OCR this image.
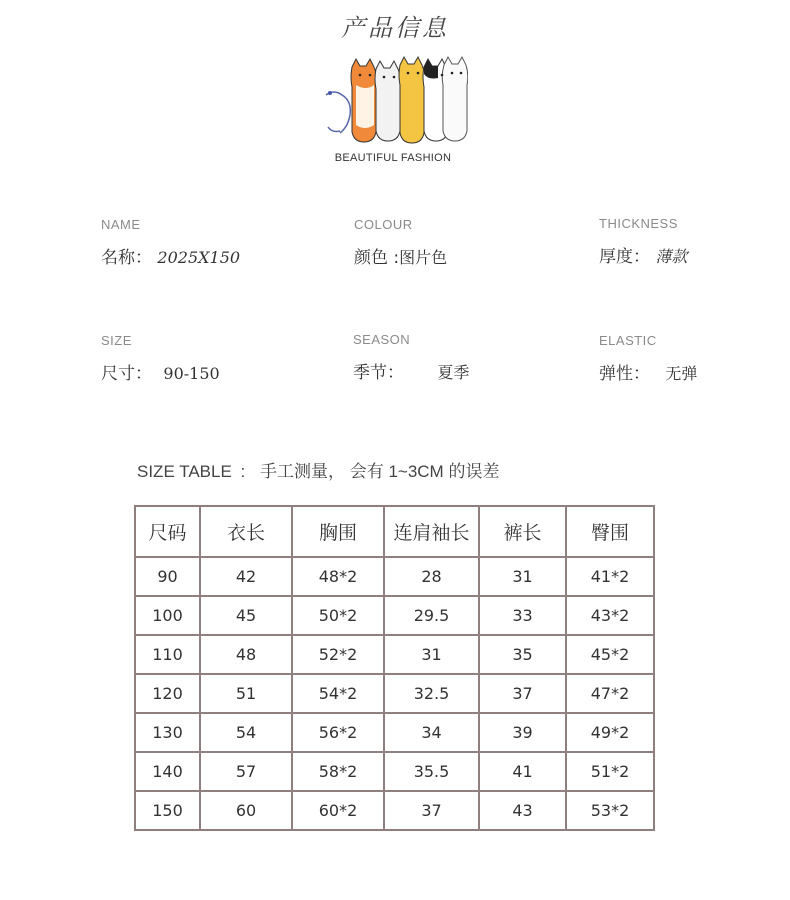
产品信息
BEAUTIFUL FASHION
NAME
名称： 2025X150
COLOUR
颜色 :图片色
THICKNESS
厚度： 薄款
SIZE
尺寸： 90-150
SEASON
季节： 夏季
ELASTIC
弹性： 无弹
SIZE TABLE : 手工测量， 会有 1~3CM 的误差
尺码	衣长	胸围	连肩袖长	裤长	臀围
90	42	48*2	28	31	41*2
100	45	50*2	29.5	33	43*2
110	48	52*2	31	35	45*2
120	51	54*2	32.5	37	47*2
130	54	56*2	34	39	49*2
140	57	58*2	35.5	41	51*2
150	60	60*2	37	43	53*2
